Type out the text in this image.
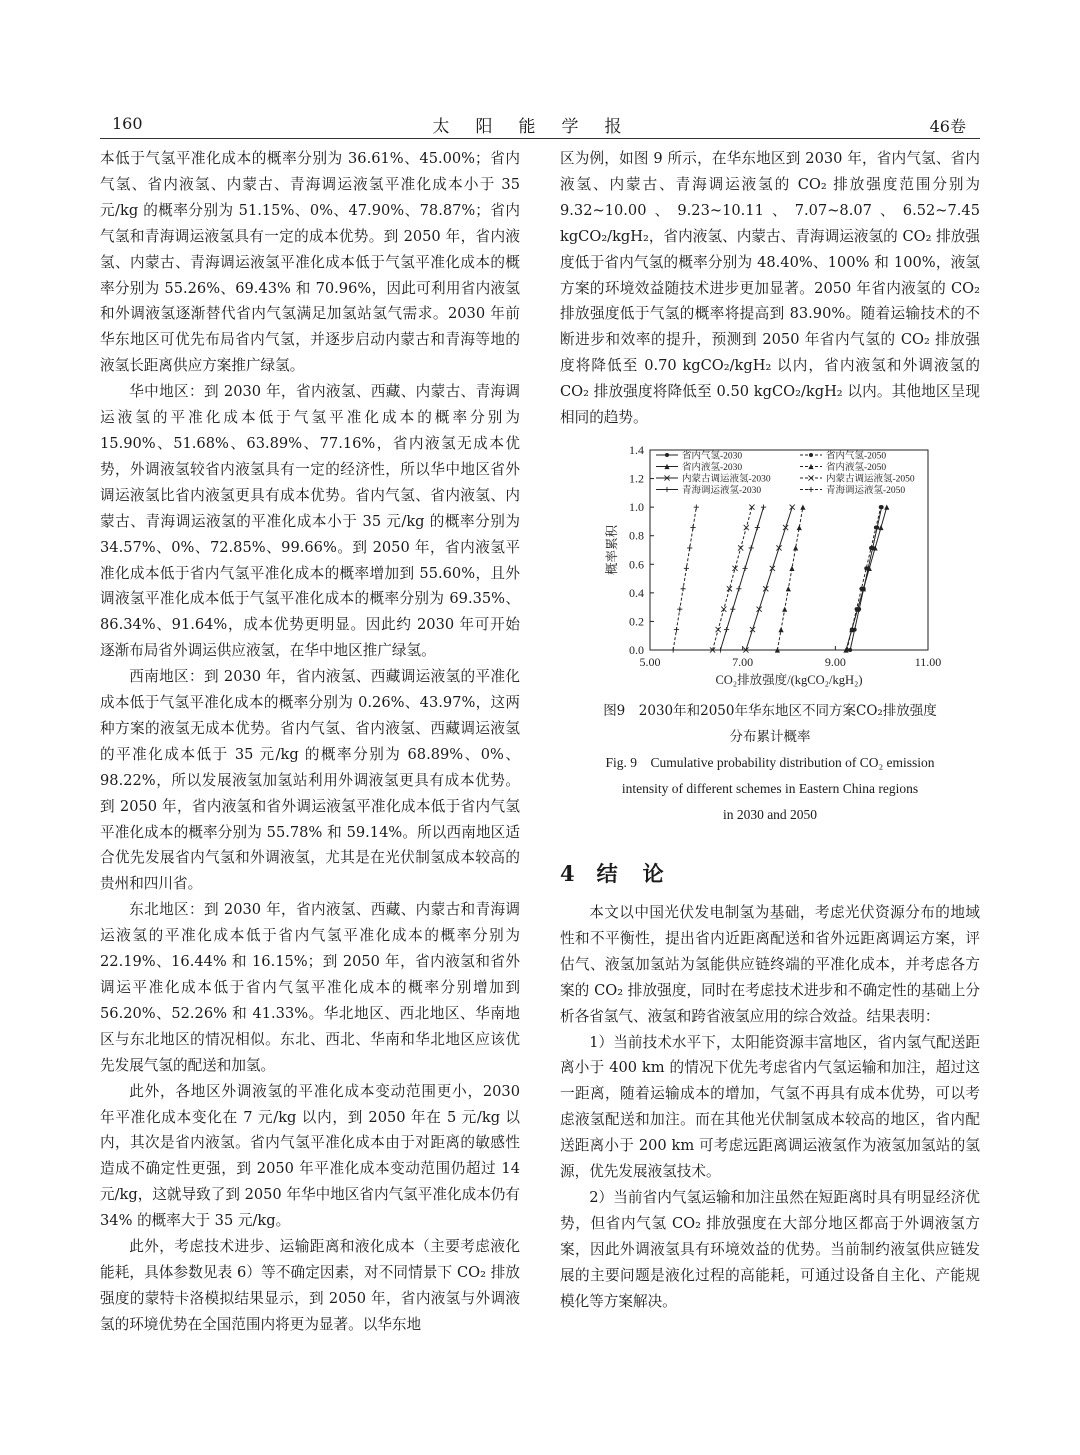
160	太阳能学报	46卷

本低于气氢平准化成本的概率分别为 36.61%、45.00%；省内气氢、省内液氢、内蒙古、青海调运液氢平准化成本小于 35 元/kg 的概率分别为 51.15%、0%、47.90%、78.87%；省内气氢和青海调运液氢具有一定的成本优势。到 2050 年，省内液氢、内蒙古、青海调运液氢平准化成本低于气氢平准化成本的概率分别为 55.26%、69.43% 和 70.96%，因此可利用省内液氢和外调液氢逐渐替代省内气氢满足加氢站氢气需求。2030 年前华东地区可优先布局省内气氢，并逐步启动内蒙古和青海等地的液氢长距离供应方案推广绿氢。

华中地区：到 2030 年，省内液氢、西藏、内蒙古、青海调运液氢的平准化成本低于气氢平准化成本的概率分别为 15.90%、51.68%、63.89%、77.16%，省内液氢无成本优势，外调液氢较省内液氢具有一定的经济性，所以华中地区省外调运液氢比省内液氢更具有成本优势。省内气氢、省内液氢、内蒙古、青海调运液氢的平准化成本小于 35 元/kg 的概率分别为 34.57%、0%、72.85%、99.66%。到 2050 年，省内液氢平准化成本低于省内气氢平准化成本的概率增加到 55.60%，且外调液氢平准化成本低于气氢平准化成本的概率分别为 69.35%、86.34%、91.64%，成本优势更明显。因此约 2030 年可开始逐渐布局省外调运供应液氢，在华中地区推广绿氢。

西南地区：到 2030 年，省内液氢、西藏调运液氢的平准化成本低于气氢平准化成本的概率分别为 0.26%、43.97%，这两种方案的液氢无成本优势。省内气氢、省内液氢、西藏调运液氢的平准化成本低于 35 元/kg 的概率分别为 68.89%、0%、98.22%，所以发展液氢加氢站利用外调液氢更具有成本优势。到 2050 年，省内液氢和省外调运液氢平准化成本低于省内气氢平准化成本的概率分别为 55.78% 和 59.14%。所以西南地区适合优先发展省内气氢和外调液氢，尤其是在光伏制氢成本较高的贵州和四川省。

东北地区：到 2030 年，省内液氢、西藏、内蒙古和青海调运液氢的平准化成本低于省内气氢平准化成本的概率分别为 22.19%、16.44% 和 16.15%；到 2050 年，省内液氢和省外调运平准化成本低于省内气氢平准化成本的概率分别增加到 56.20%、52.26% 和 41.33%。华北地区、西北地区、华南地区与东北地区的情况相似。东北、西北、华南和华北地区应该优先发展气氢的配送和加氢。

此外，各地区外调液氢的平准化成本变动范围更小，2030 年平准化成本变化在 7 元/kg 以内，到 2050 年在 5 元/kg 以内，其次是省内液氢。省内气氢平准化成本由于对距离的敏感性造成不确定性更强，到 2050 年平准化成本变动范围仍超过 14 元/kg，这就导致了到 2050 年华中地区省内气氢平准化成本仍有 34% 的概率大于 35 元/kg。

此外，考虑技术进步、运输距离和液化成本（主要考虑液化能耗，具体参数见表 6）等不确定因素，对不同情景下 CO₂ 排放强度的蒙特卡洛模拟结果显示，到 2050 年，省内液氢与外调液氢的环境优势在全国范围内将更为显著。以华东地

区为例，如图 9 所示，在华东地区到 2030 年，省内气氢、省内液氢、内蒙古、青海调运液氢的 CO₂ 排放强度范围分别为 9.32~10.00、9.23~10.11、7.07~8.07、6.52~7.45 kgCO₂/kgH₂，省内液氢、内蒙古、青海调运液氢的 CO₂ 排放强度低于省内气氢的概率分别为 48.40%、100% 和 100%，液氢方案的环境效益随技术进步更加显著。2050 年省内液氢的 CO₂ 排放强度低于气氢的概率将提高到 83.90%。随着运输技术的不断进步和效率的提升，预测到 2050 年省内气氢的 CO₂ 排放强度将降低至 0.70 kgCO₂/kgH₂ 以内，省内液氢和外调液氢的 CO₂ 排放强度将降低至 0.50 kgCO₂/kgH₂ 以内。其他地区呈现相同的趋势。

0.0
0.2
0.4
0.6
0.8
1.0
1.2
1.4
5.00	7.00	9.00	11.00
CO₂排放强度/(kgCO₂/kgH₂)
概率累积
省内气氢-2030
省内液氢-2030
内蒙古调运液氢-2030
青海调运液氢-2030
省内气氢-2050
省内液氢-2050
内蒙古调运液氢-2050
青海调运液氢-2050
图9　2030年和2050年华东地区不同方案CO₂排放强度
分布累计概率
Fig. 9　Cumulative probability distribution of CO₂ emission
intensity of different schemes in Eastern China regions
in 2030 and 2050
4 结　论

本文以中国光伏发电制氢为基础，考虑光伏资源分布的地域性和不平衡性，提出省内近距离配送和省外远距离调运方案，评估气、液氢加氢站为氢能供应链终端的平准化成本，并考虑各方案的 CO₂ 排放强度，同时在考虑技术进步和不确定性的基础上分析各省氢气、液氢和跨省液氢应用的综合效益。结果表明：

1）当前技术水平下，太阳能资源丰富地区，省内氢气配送距离小于 400 km 的情况下优先考虑省内气氢运输和加注，超过这一距离，随着运输成本的增加，气氢不再具有成本优势，可以考虑液氢配送和加注。而在其他光伏制氢成本较高的地区，省内配送距离小于 200 km 可考虑远距离调运液氢作为液氢加氢站的氢源，优先发展液氢技术。

2）当前省内气氢运输和加注虽然在短距离时具有明显经济优势，但省内气氢 CO₂ 排放强度在大部分地区都高于外调液氢方案，因此外调液氢具有环境效益的优势。当前制约液氢供应链发展的主要问题是液化过程的高能耗，可通过设备自主化、产能规模化等方案解决。
